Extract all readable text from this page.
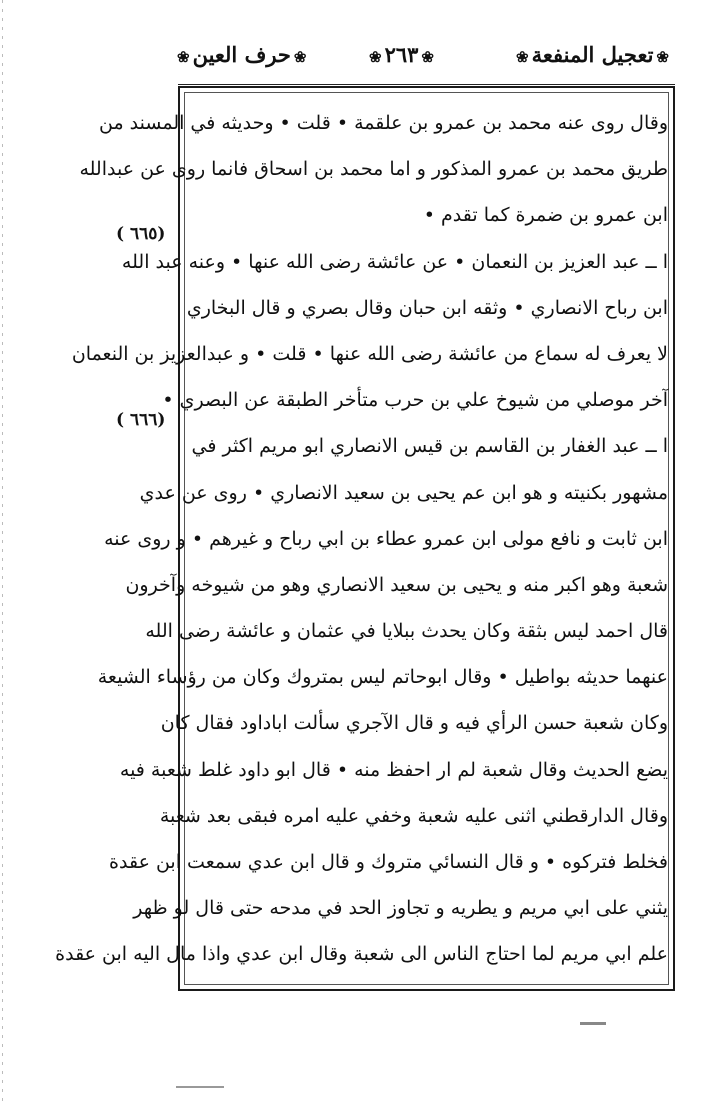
❀تعجيل المنفعة❀
❀٢٦٣❀
❀حرف العين❀
( ٦٦٥)
( ٦٦٦)
وقال روى عنه محمد بن عمرو بن علقمة • قلت • وحديثه في المسند من
طريق محمد بن عمرو المذكور و اما محمد بن اسحاق فانما روى عن عبدالله
ابن عمرو بن ضمرة كما تقدم •
ا ــ عبد العزيز بن النعمان • عن عائشة رضى الله عنها • وعنه عبد الله
ابن رباح الانصاري • وثقه ابن حبان وقال بصري و قال البخاري
لا يعرف له سماع من عائشة رضى الله عنها • قلت • و عبدالعزيز بن النعمان
آخر موصلي من شيوخ علي بن حرب متأخر الطبقة عن البصري •
ا ــ عبد الغفار بن القاسم بن قيس الانصاري ابو مريم اكثر في
مشهور بكنيته و هو ابن عم يحيى بن سعيد الانصاري • روى عن عدي
ابن ثابت و نافع مولى ابن عمرو عطاء بن ابي رباح و غيرهم • و روى عنه
شعبة وهو اكبر منه و يحيى بن سعيد الانصاري وهو من شيوخه وآخرون
قال احمد ليس بثقة وكان يحدث ببلايا في عثمان و عائشة رضى الله
عنهما حديثه بواطيل • وقال ابوحاتم ليس بمتروك وكان من رؤساء الشيعة
وكان شعبة حسن الرأي فيه و قال الآجري سألت اباداود فقال كان
يضع الحديث وقال شعبة لم ار احفظ منه • قال ابو داود غلط شعبة فيه
وقال الدارقطني اثنى عليه شعبة وخفي عليه امره فبقى بعد شعبة
فخلط فتركوه • و قال النسائي متروك و قال ابن عدي سمعت ابن عقدة
يثني على ابي مريم و يطريه و تجاوز الحد في مدحه حتى قال لو ظهر
علم ابي مريم لما احتاج الناس الى شعبة وقال ابن عدي واذا مال اليه ابن عقدة
